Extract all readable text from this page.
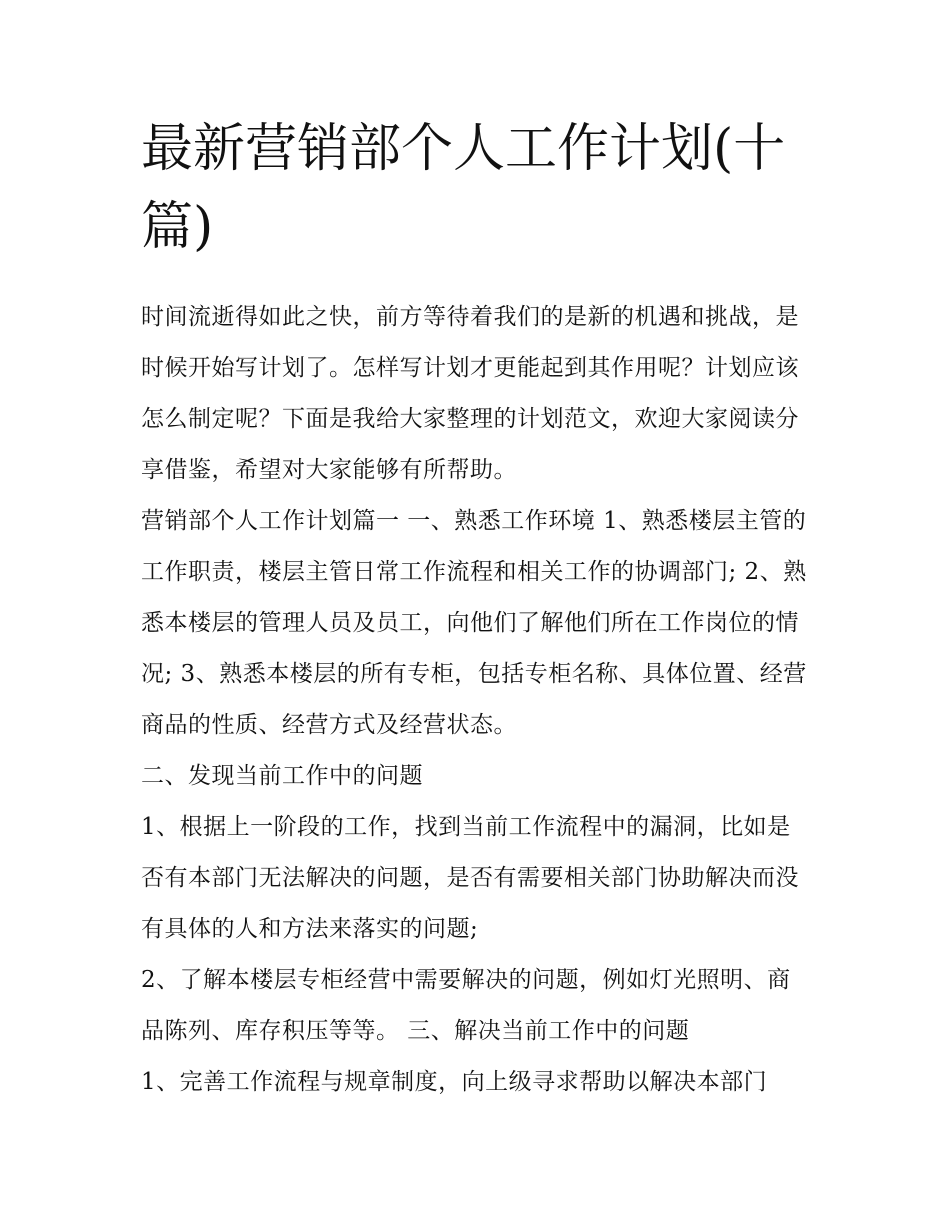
最新营销部个人工作计划(十篇)

时间流逝得如此之快，前方等待着我们的是新的机遇和挑战，是时候开始写计划了。怎样写计划才更能起到其作用呢？计划应该怎么制定呢？下面是我给大家整理的计划范文，欢迎大家阅读分享借鉴，希望对大家能够有所帮助。

营销部个人工作计划篇一 一、熟悉工作环境 1、熟悉楼层主管的工作职责，楼层主管日常工作流程和相关工作的协调部门; 2、熟悉本楼层的管理人员及员工，向他们了解他们所在工作岗位的情况; 3、熟悉本楼层的所有专柜，包括专柜名称、具体位置、经营商品的性质、经营方式及经营状态。

二、发现当前工作中的问题

1、根据上一阶段的工作，找到当前工作流程中的漏洞，比如是否有本部门无法解决的问题，是否有需要相关部门协助解决而没有具体的人和方法来落实的问题;

2、了解本楼层专柜经营中需要解决的问题，例如灯光照明、商品陈列、库存积压等等。 三、解决当前工作中的问题

1、完善工作流程与规章制度，向上级寻求帮助以解决本部门
